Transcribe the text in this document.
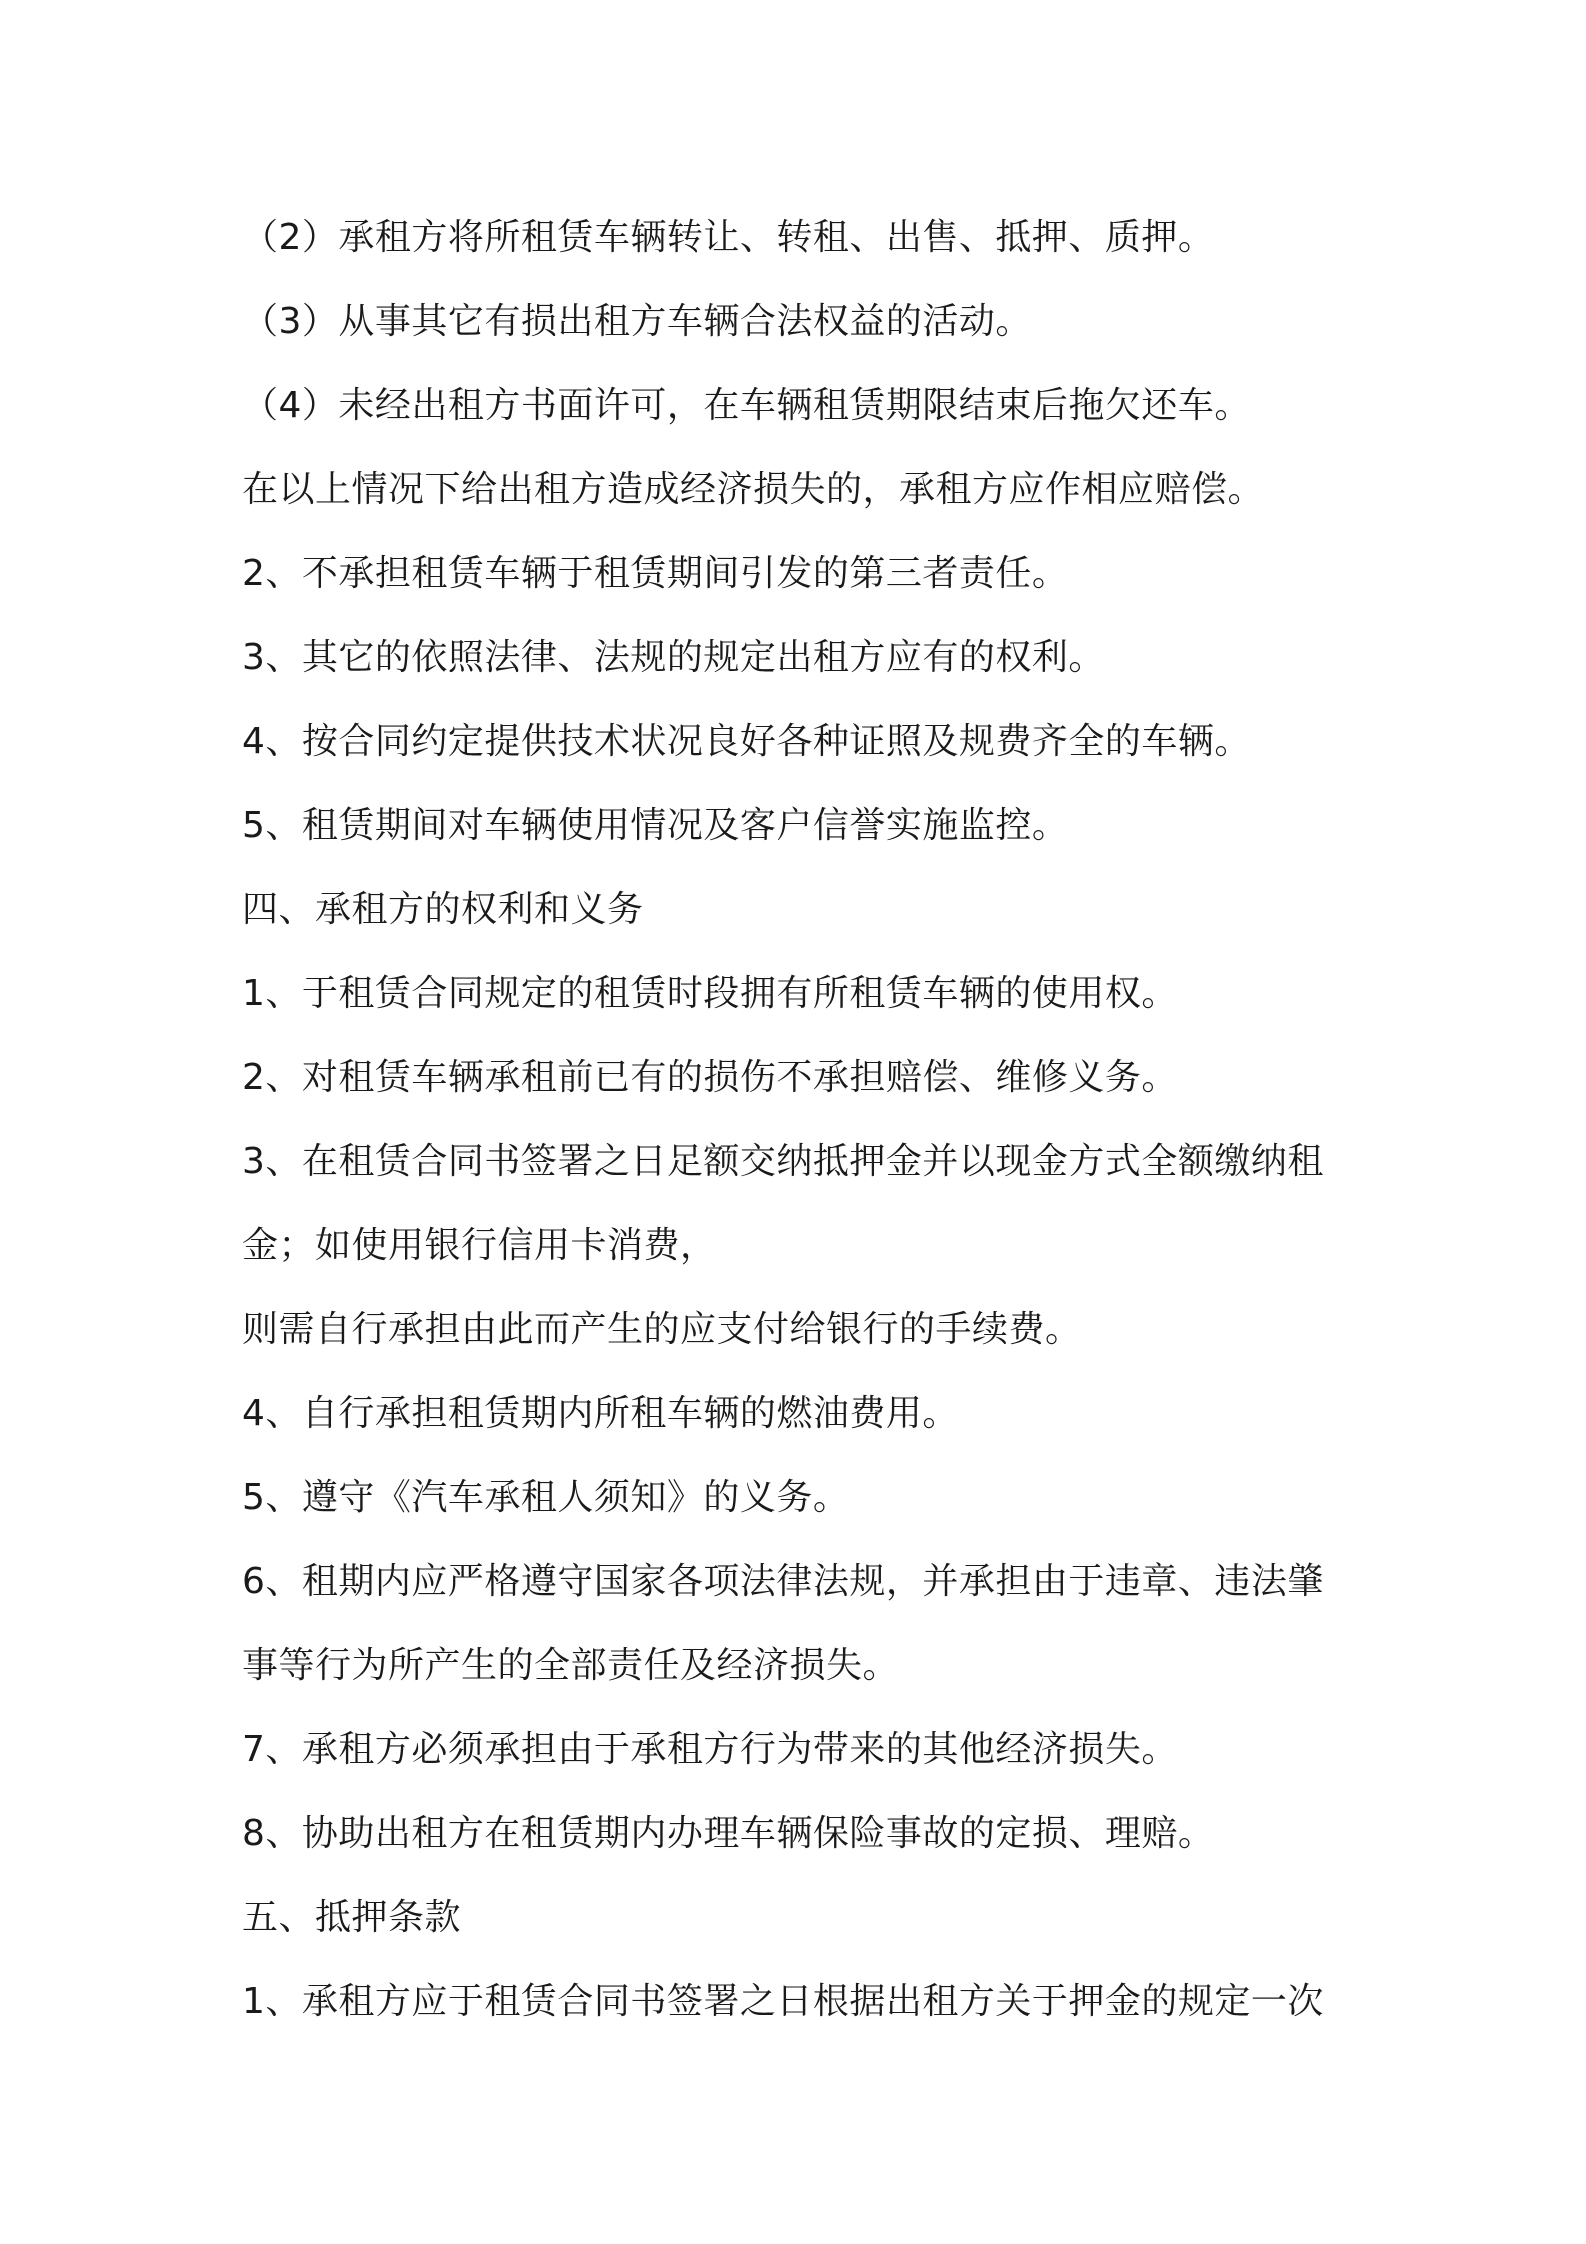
（2）承租方将所租赁车辆转让、转租、出售、抵押、质押。
（3）从事其它有损出租方车辆合法权益的活动。
（4）未经出租方书面许可，在车辆租赁期限结束后拖欠还车。
在以上情况下给出租方造成经济损失的，承租方应作相应赔偿。
2、不承担租赁车辆于租赁期间引发的第三者责任。
3、其它的依照法律、法规的规定出租方应有的权利。
4、按合同约定提供技术状况良好各种证照及规费齐全的车辆。
5、租赁期间对车辆使用情况及客户信誉实施监控。
四、承租方的权利和义务
1、于租赁合同规定的租赁时段拥有所租赁车辆的使用权。
2、对租赁车辆承租前已有的损伤不承担赔偿、维修义务。
3、在租赁合同书签署之日足额交纳抵押金并以现金方式全额缴纳租
金；如使用银行信用卡消费，
则需自行承担由此而产生的应支付给银行的手续费。
4、自行承担租赁期内所租车辆的燃油费用。
5、遵守《汽车承租人须知》的义务。
6、租期内应严格遵守国家各项法律法规，并承担由于违章、违法肇
事等行为所产生的全部责任及经济损失。
7、承租方必须承担由于承租方行为带来的其他经济损失。
8、协助出租方在租赁期内办理车辆保险事故的定损、理赔。
五、抵押条款
1、承租方应于租赁合同书签署之日根据出租方关于押金的规定一次
